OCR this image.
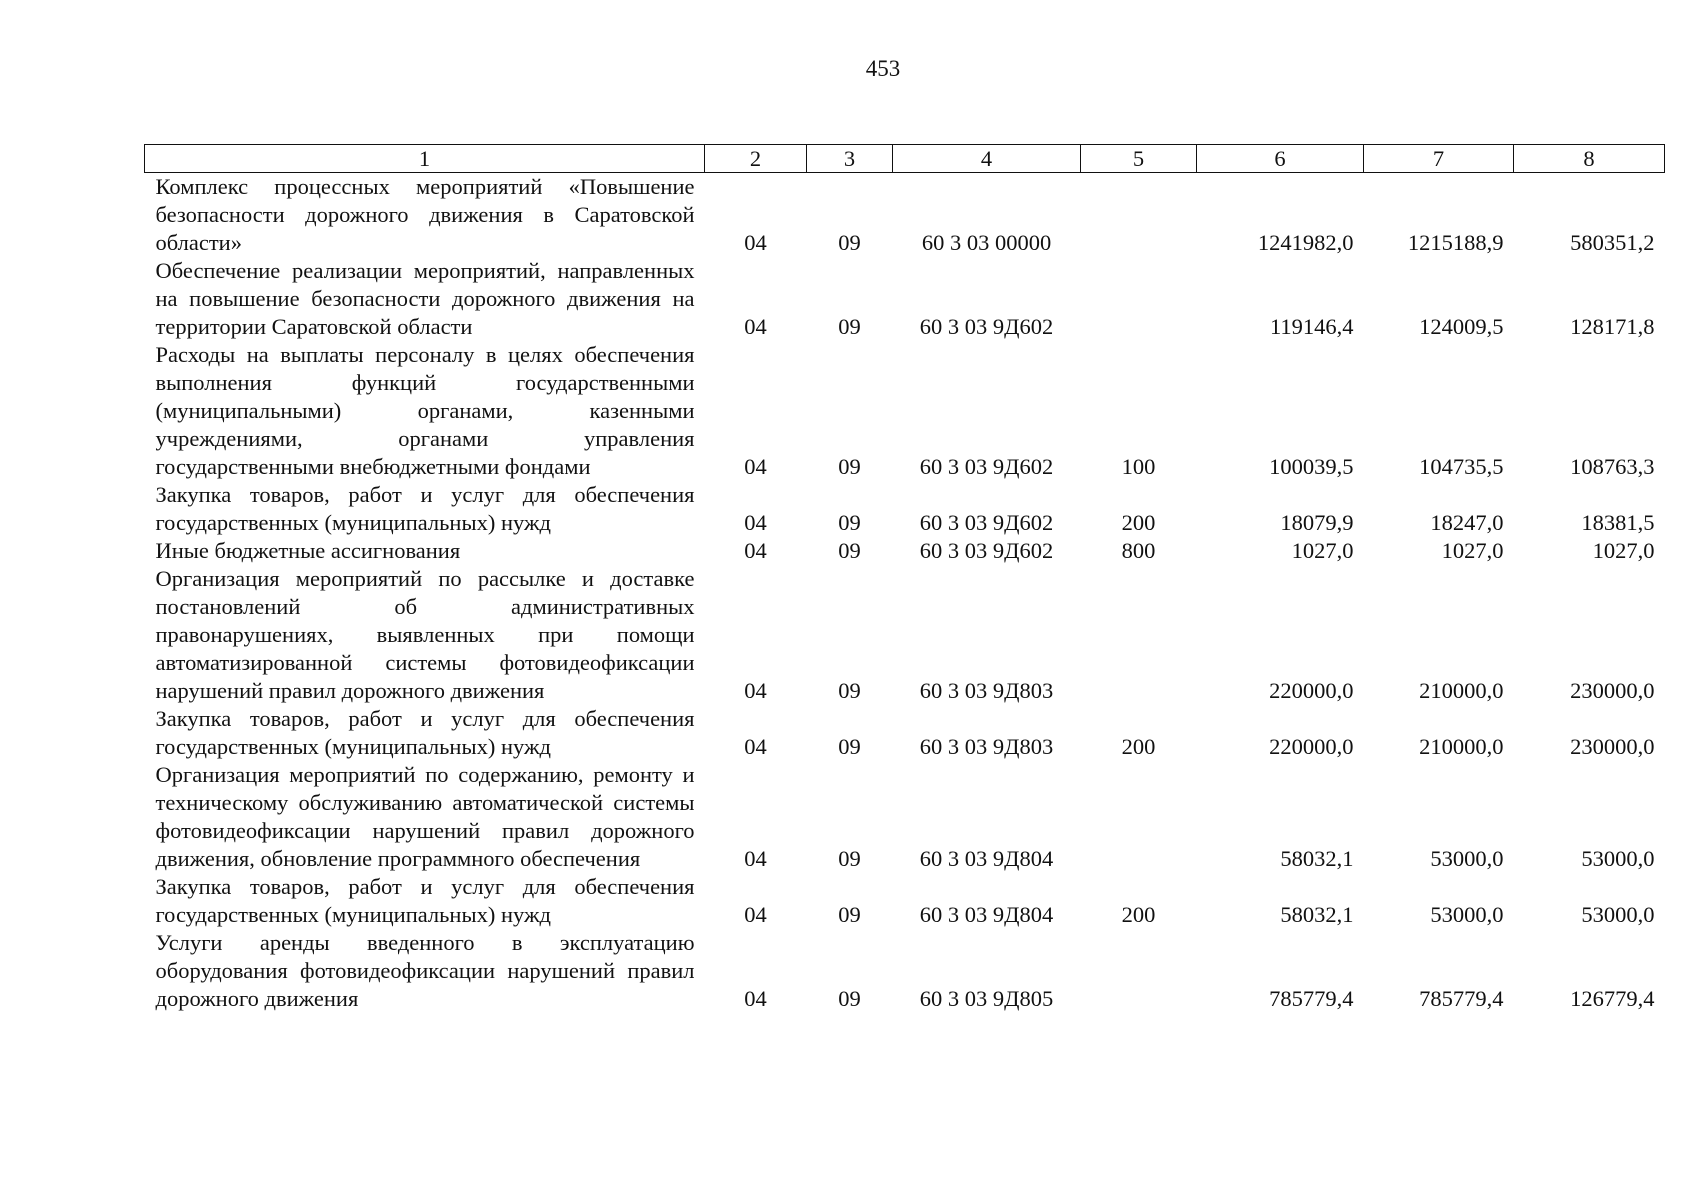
453
1	2	3	4	5	6	7	8
Комплекс процессных мероприятий «Повышение безопасности дорожного движения в Саратовской области»	04	09	60 3 03 00000		1241982,0	1215188,9	580351,2
Обеспечение реализации мероприятий, направленных на повышение безопасности дорожного движения на территории Саратовской области	04	09	60 3 03 9Д602		119146,4	124009,5	128171,8
Расходы на выплаты персоналу в целях обеспечения выполнения функций государственными (муниципальными) органами, казенными учреждениями, органами управления государственными внебюджетными фондами	04	09	60 3 03 9Д602	100	100039,5	104735,5	108763,3
Закупка товаров, работ и услуг для обеспечения государственных (муниципальных) нужд	04	09	60 3 03 9Д602	200	18079,9	18247,0	18381,5
Иные бюджетные ассигнования	04	09	60 3 03 9Д602	800	1027,0	1027,0	1027,0
Организация мероприятий по рассылке и доставке постановлений об административных правонарушениях, выявленных при помощи автоматизированной системы фотовидеофиксации нарушений правил дорожного движения	04	09	60 3 03 9Д803		220000,0	210000,0	230000,0
Закупка товаров, работ и услуг для обеспечения государственных (муниципальных) нужд	04	09	60 3 03 9Д803	200	220000,0	210000,0	230000,0
Организация мероприятий по содержанию, ремонту и техническому обслуживанию автоматической системы фотовидеофиксации нарушений правил дорожного движения, обновление программного обеспечения	04	09	60 3 03 9Д804		58032,1	53000,0	53000,0
Закупка товаров, работ и услуг для обеспечения государственных (муниципальных) нужд	04	09	60 3 03 9Д804	200	58032,1	53000,0	53000,0
Услуги аренды введенного в эксплуатацию оборудования фотовидеофиксации нарушений правил дорожного движения	04	09	60 3 03 9Д805		785779,4	785779,4	126779,4
